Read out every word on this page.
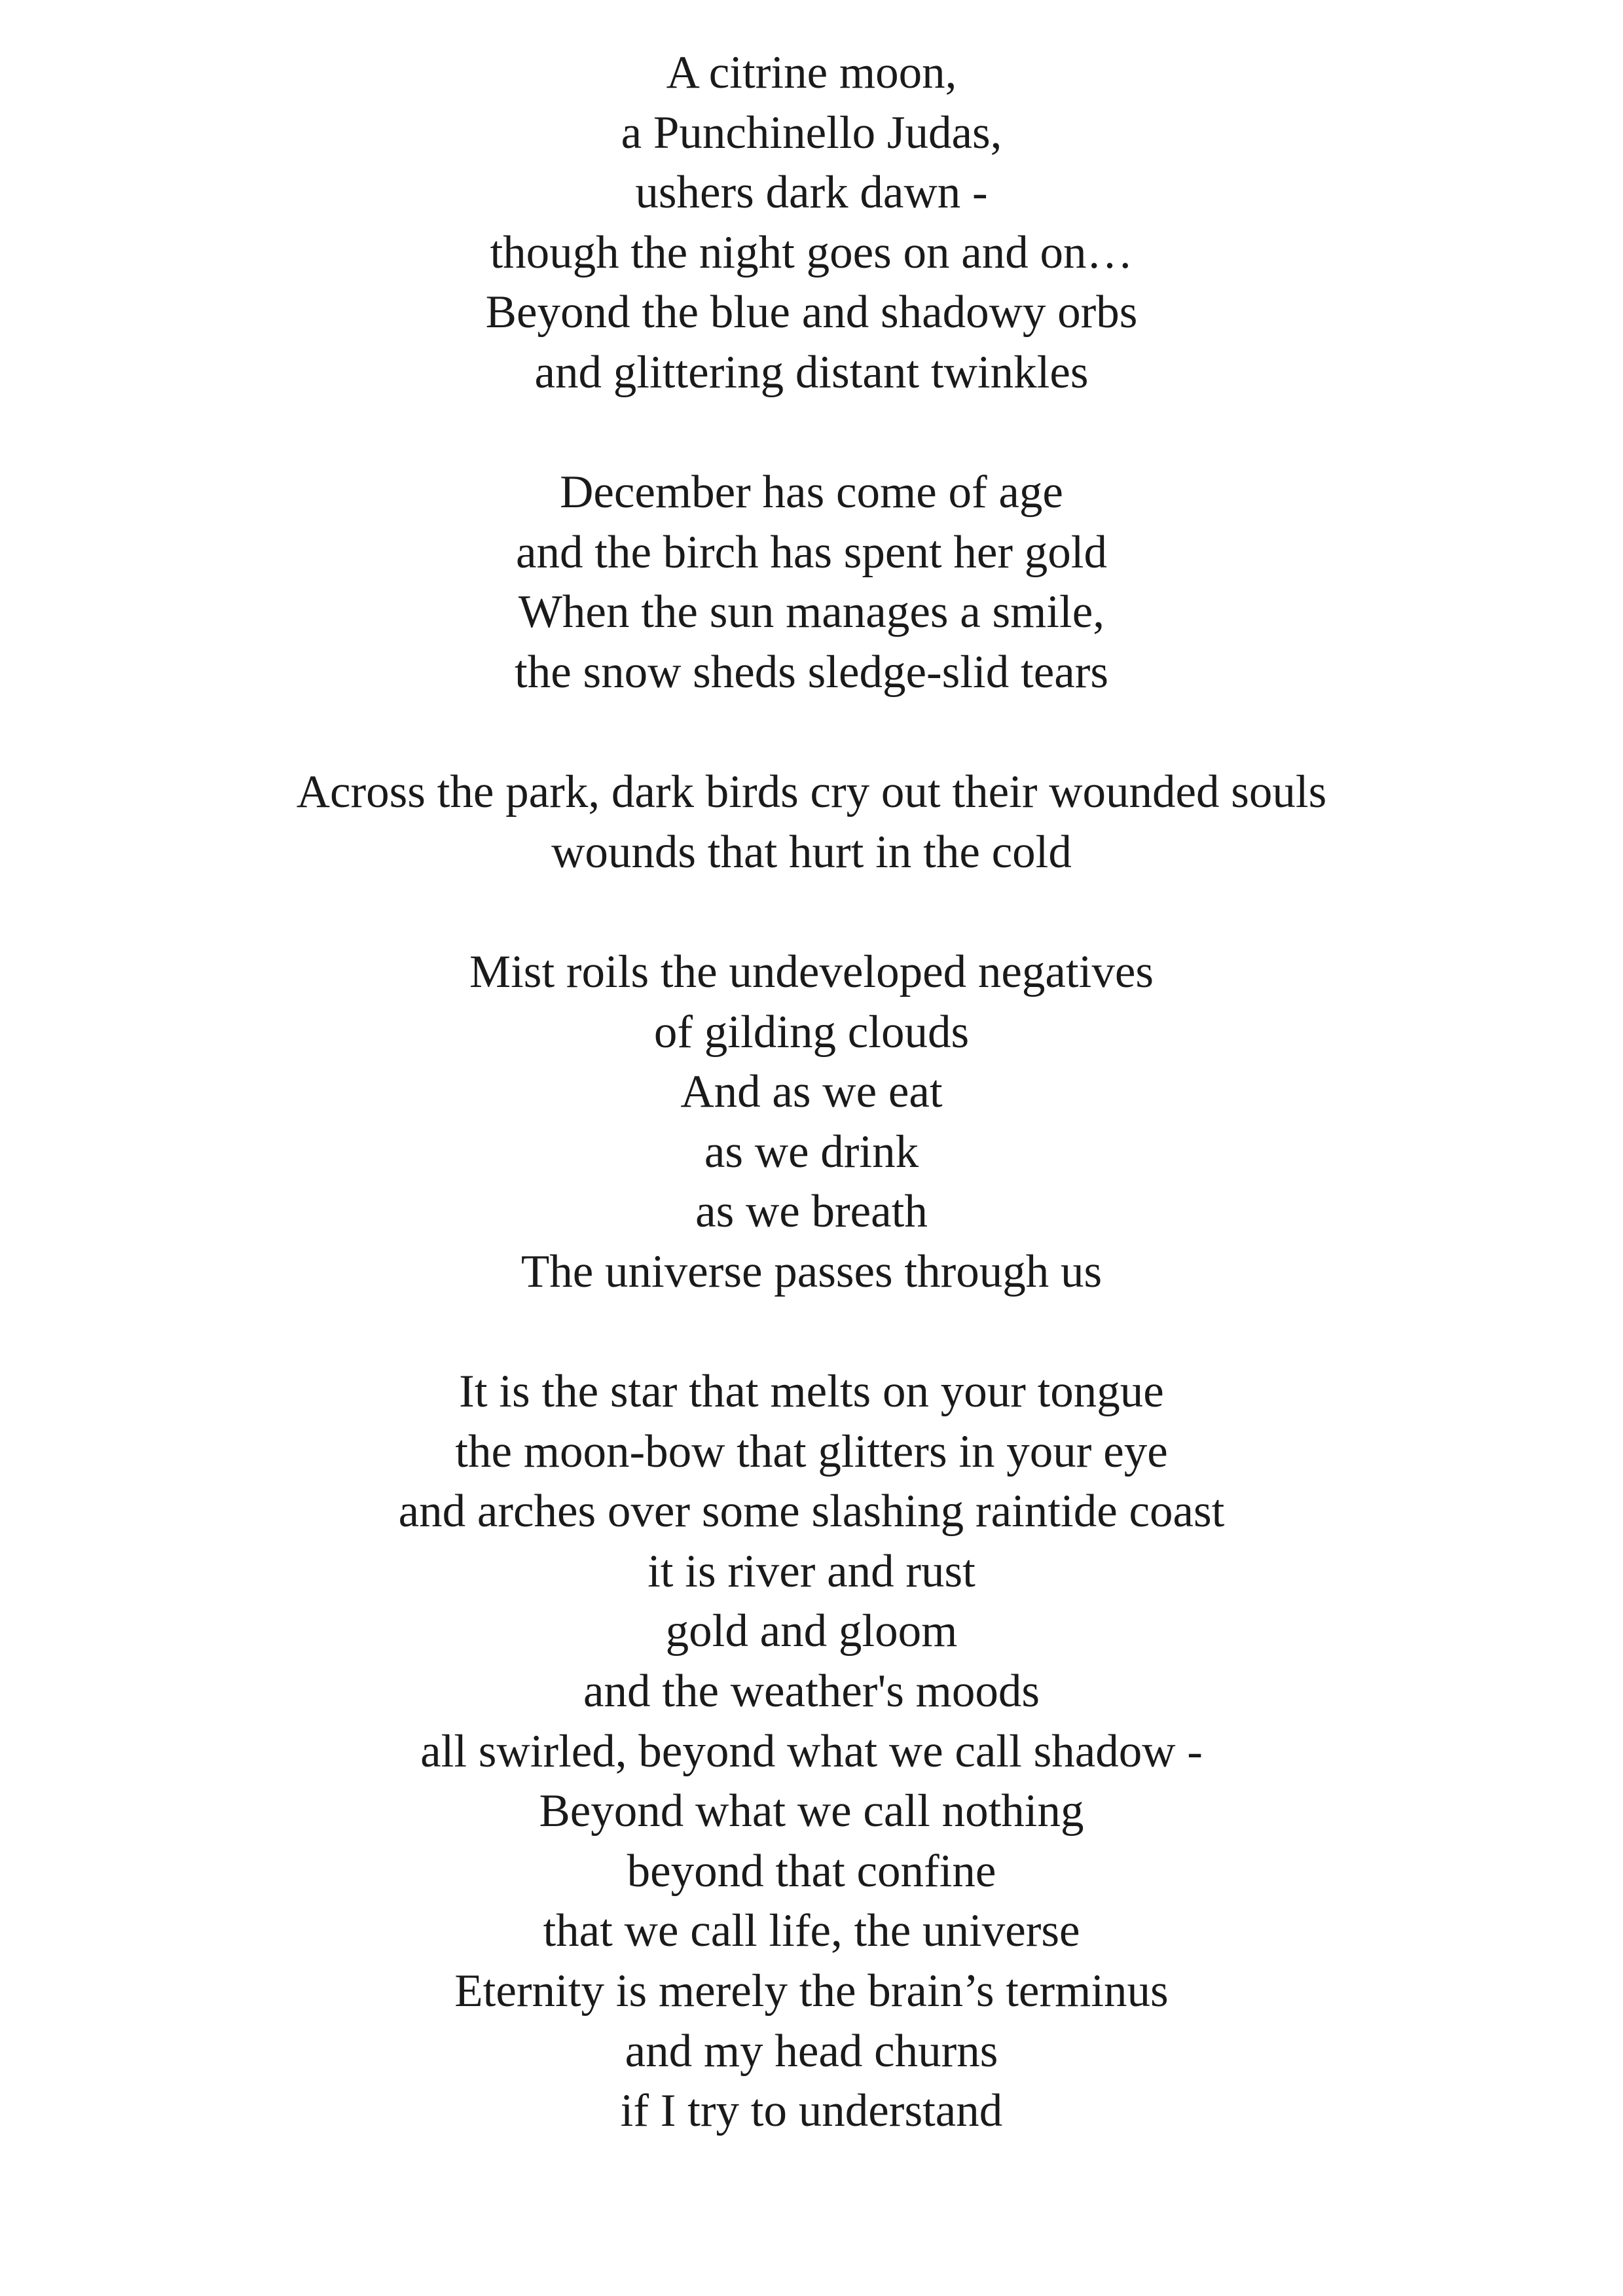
A citrine moon,
a Punchinello Judas,
ushers dark dawn -
though the night goes on and on…
Beyond the blue and shadowy orbs
and glittering distant twinkles

December has come of age
and the birch has spent her gold
When the sun manages a smile,
the snow sheds sledge-slid tears

Across the park, dark birds cry out their wounded souls
wounds that hurt in the cold

Mist roils the undeveloped negatives
of gilding clouds
And as we eat
as we drink
as we breath
The universe passes through us

It is the star that melts on your tongue
the moon-bow that glitters in your eye
and arches over some slashing raintide coast
it is river and rust
gold and gloom
and the weather's moods
all swirled, beyond what we call shadow -
Beyond what we call nothing
beyond that confine
that we call life, the universe
Eternity is merely the brain’s terminus
and my head churns
if I try to understand
